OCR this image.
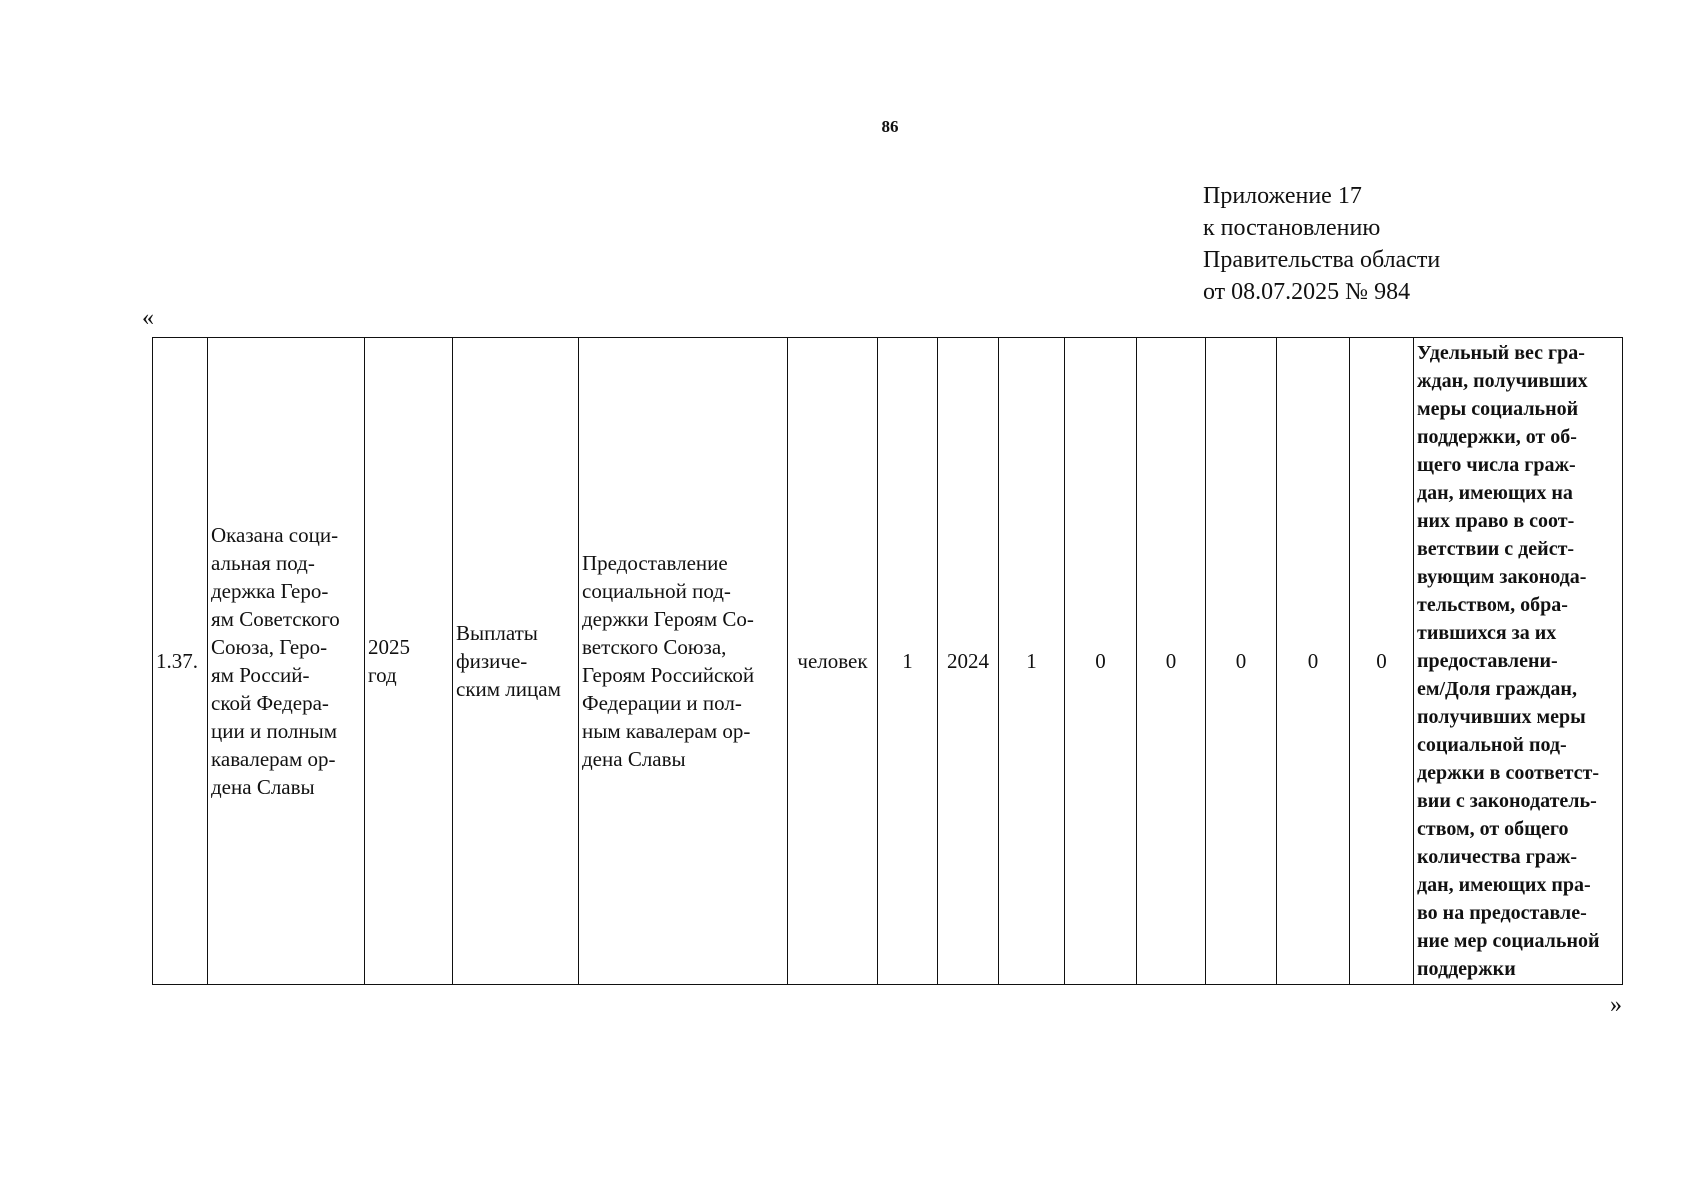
86
Приложение 17
к постановлению
Правительства области
от 08.07.2025 № 984
«
1.37.	Оказана соци-
альная под-
держка Геро-
ям Советского
Союза, Геро-
ям Россий-
ской Федера-
ции и полным
кавалерам ор-
дена Славы	2025
год	Выплаты
физиче-
ским лицам	Предоставление
социальной под-
держки Героям Со-
ветского Союза,
Героям Российской
Федерации и пол-
ным кавалерам ор-
дена Славы	человек	1	2024	1	0	0	0	0	0	Удельный вес гра-
ждан, получивших
меры социальной
поддержки, от об-
щего числа граж-
дан, имеющих на
них право в соот-
ветствии с дейст-
вующим законода-
тельством, обра-
тившихся за их
предоставлени-
ем/Доля граждан,
получивших меры
социальной под-
держки в соответст-
вии с законодатель-
ством, от общего
количества граж-
дан, имеющих пра-
во на предоставле-
ние мер социальной
поддержки
»
